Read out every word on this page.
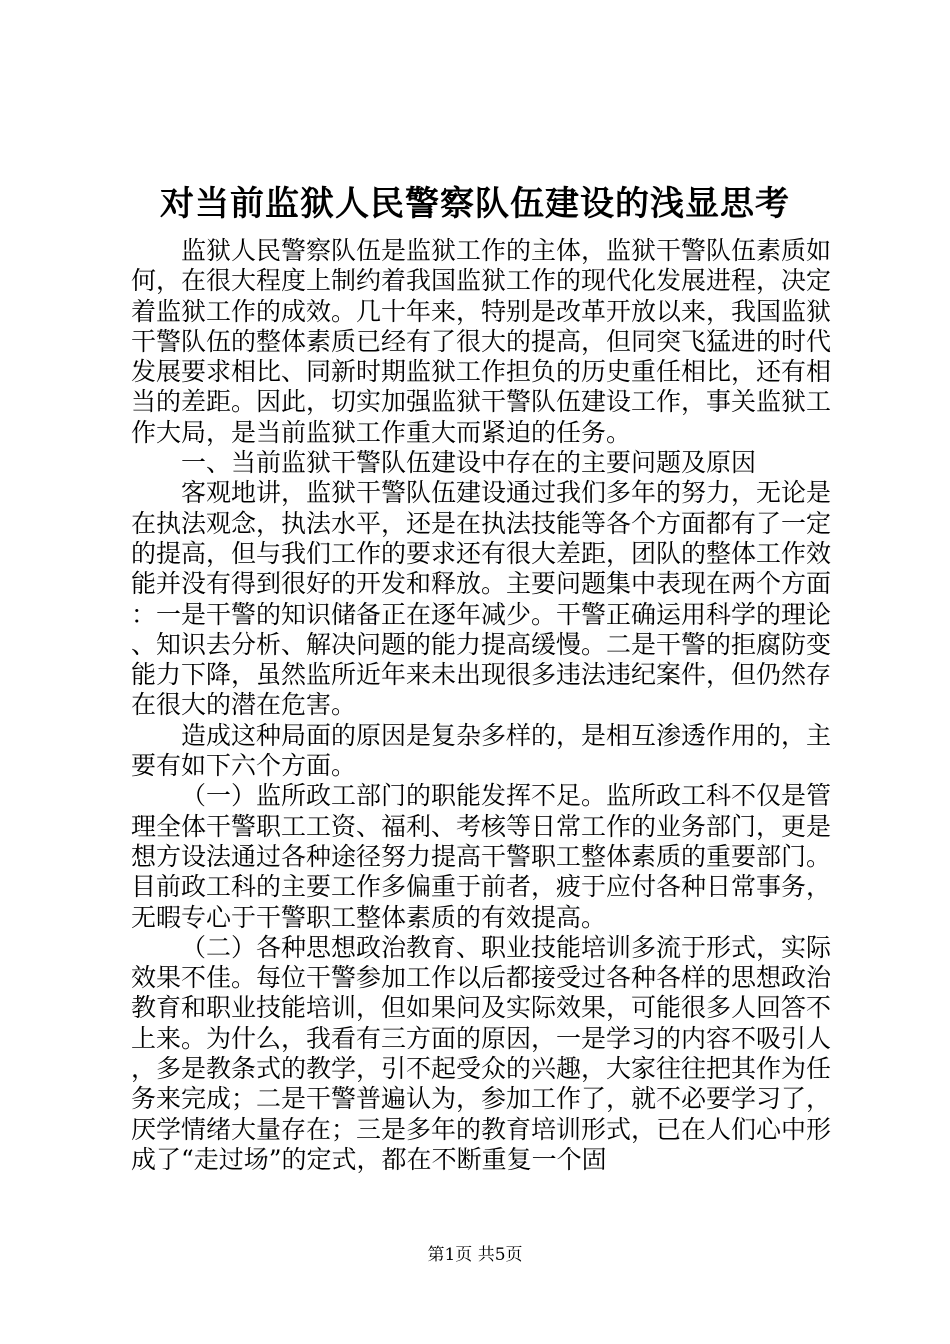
对当前监狱人民警察队伍建设的浅显思考

监狱人民警察队伍是监狱工作的主体，监狱干警队伍素质如何，在很大程度上制约着我国监狱工作的现代化发展进程，决定着监狱工作的成效。几十年来，特别是改革开放以来，我国监狱干警队伍的整体素质已经有了很大的提高，但同突飞猛进的时代发展要求相比、同新时期监狱工作担负的历史重任相比，还有相当的差距。因此，切实加强监狱干警队伍建设工作，事关监狱工作大局，是当前监狱工作重大而紧迫的任务。

一、当前监狱干警队伍建设中存在的主要问题及原因

客观地讲，监狱干警队伍建设通过我们多年的努力，无论是在执法观念，执法水平，还是在执法技能等各个方面都有了一定的提高，但与我们工作的要求还有很大差距，团队的整体工作效能并没有得到很好的开发和释放。主要问题集中表现在两个方面：一是干警的知识储备正在逐年减少。干警正确运用科学的理论、知识去分析、解决问题的能力提高缓慢。二是干警的拒腐防变能力下降，虽然监所近年来未出现很多违法违纪案件，但仍然存在很大的潜在危害。

造成这种局面的原因是复杂多样的，是相互渗透作用的，主要有如下六个方面。

（一）监所政工部门的职能发挥不足。监所政工科不仅是管理全体干警职工工资、福利、考核等日常工作的业务部门，更是想方设法通过各种途径努力提高干警职工整体素质的重要部门。目前政工科的主要工作多偏重于前者，疲于应付各种日常事务，无暇专心于干警职工整体素质的有效提高。

（二）各种思想政治教育、职业技能培训多流于形式，实际效果不佳。每位干警参加工作以后都接受过各种各样的思想政治教育和职业技能培训，但如果问及实际效果，可能很多人回答不上来。为什么，我看有三方面的原因，一是学习的内容不吸引人，多是教条式的教学，引不起受众的兴趣，大家往往把其作为任务来完成；二是干警普遍认为，参加工作了，就不必要学习了，厌学情绪大量存在；三是多年的教育培训形式，已在人们心中形成了“走过场”的定式，都在不断重复一个固

第1页 共5页
